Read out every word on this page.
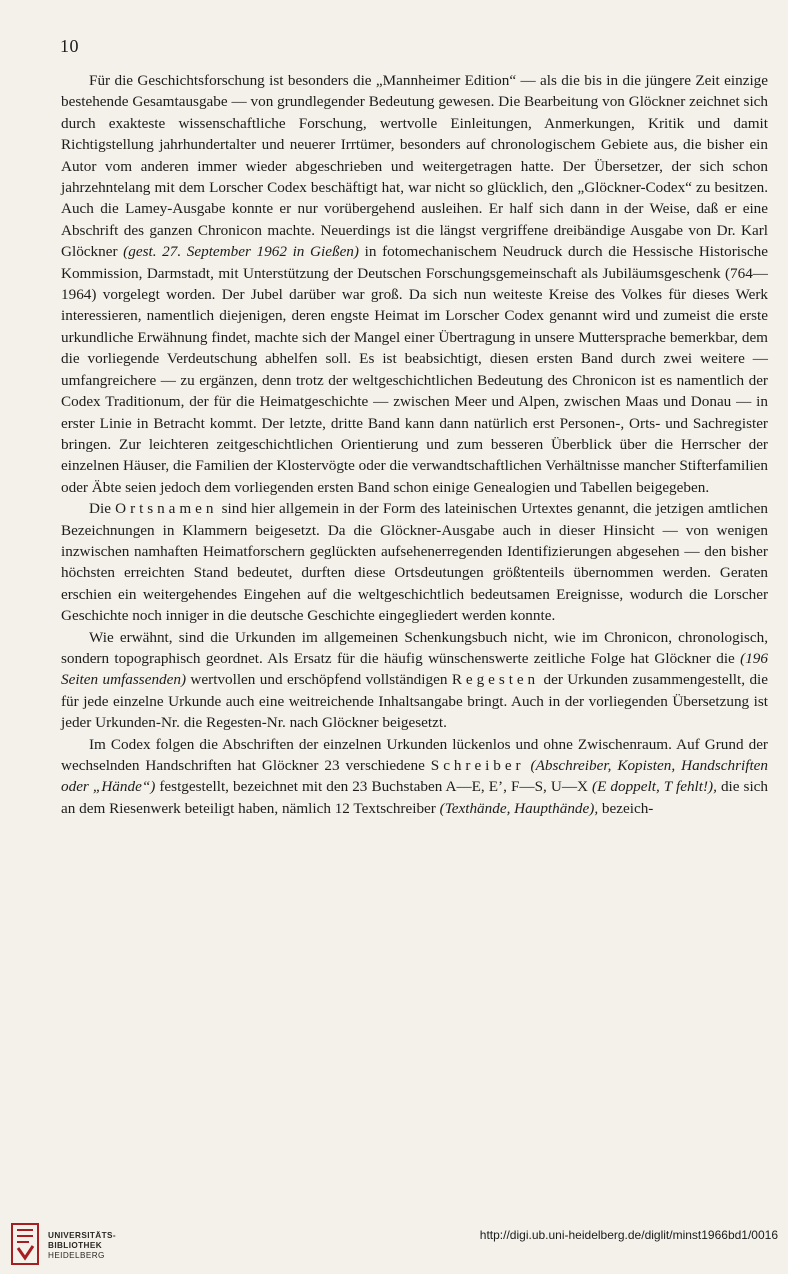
10

Für die Geschichtsforschung ist besonders die „Mannheimer Edition“ — als die bis in die jüngere Zeit einzige bestehende Gesamtausgabe — von grundlegender Bedeutung gewesen. Die Bearbeitung von Glöckner zeichnet sich durch exakteste wissenschaftliche Forschung, wertvolle Einleitungen, Anmerkungen, Kritik und damit Richtigstellung jahrhundertalter und neuerer Irrtümer, besonders auf chronologischem Gebiete aus, die bisher ein Autor vom anderen immer wieder abgeschrieben und weitergetragen hatte. Der Übersetzer, der sich schon jahrzehntelang mit dem Lorscher Codex beschäftigt hat, war nicht so glücklich, den „Glöckner-Codex“ zu besitzen. Auch die Lamey-Ausgabe konnte er nur vorübergehend ausleihen. Er half sich dann in der Weise, daß er eine Abschrift des ganzen Chronicon machte. Neuerdings ist die längst vergriffene dreibändige Ausgabe von Dr. Karl Glöckner (gest. 27. September 1962 in Gießen) in fotomechanischem Neudruck durch die Hessische Historische Kommission, Darmstadt, mit Unterstützung der Deutschen Forschungsgemeinschaft als Jubiläumsgeschenk (764—1964) vorgelegt worden. Der Jubel darüber war groß. Da sich nun weiteste Kreise des Volkes für dieses Werk interessieren, namentlich diejenigen, deren engste Heimat im Lorscher Codex genannt wird und zumeist die erste urkundliche Erwähnung findet, machte sich der Mangel einer Übertragung in unsere Muttersprache bemerkbar, dem die vorliegende Verdeutschung abhelfen soll. Es ist beabsichtigt, diesen ersten Band durch zwei weitere — umfangreichere — zu ergänzen, denn trotz der weltgeschichtlichen Bedeutung des Chronicon ist es namentlich der Codex Traditionum, der für die Heimatgeschichte — zwischen Meer und Alpen, zwischen Maas und Donau — in erster Linie in Betracht kommt. Der letzte, dritte Band kann dann natürlich erst Personen-, Orts- und Sachregister bringen. Zur leichteren zeitgeschichtlichen Orientierung und zum besseren Überblick über die Herrscher der einzelnen Häuser, die Familien der Klostervögte oder die verwandtschaftlichen Verhältnisse mancher Stifterfamilien oder Äbte seien jedoch dem vorliegenden ersten Band schon einige Genealogien und Tabellen beigegeben.

Die Ortsnamen sind hier allgemein in der Form des lateinischen Urtextes genannt, die jetzigen amtlichen Bezeichnungen in Klammern beigesetzt. Da die Glöckner-Ausgabe auch in dieser Hinsicht — von wenigen inzwischen namhaften Heimatforschern geglückten aufsehenerregenden Identifizierungen abgesehen — den bisher höchsten erreichten Stand bedeutet, durften diese Ortsdeutungen größtenteils übernommen werden. Geraten erschien ein weitergehendes Eingehen auf die weltgeschichtlich bedeutsamen Ereignisse, wodurch die Lorscher Geschichte noch inniger in die deutsche Geschichte eingegliedert werden konnte.

Wie erwähnt, sind die Urkunden im allgemeinen Schenkungsbuch nicht, wie im Chronicon, chronologisch, sondern topographisch geordnet. Als Ersatz für die häufig wünschenswerte zeitliche Folge hat Glöckner die (196 Seiten umfassenden) wertvollen und erschöpfend vollständigen Regesten der Urkunden zusammengestellt, die für jede einzelne Urkunde auch eine weitreichende Inhaltsangabe bringt. Auch in der vorliegenden Übersetzung ist jeder Urkunden-Nr. die Regesten-Nr. nach Glöckner beigesetzt.

Im Codex folgen die Abschriften der einzelnen Urkunden lückenlos und ohne Zwischenraum. Auf Grund der wechselnden Handschriften hat Glöckner 23 verschiedene Schreiber (Abschreiber, Kopisten, Handschriften oder „Hände“) festgestellt, bezeichnet mit den 23 Buchstaben A—E, E’, F—S, U—X (E doppelt, T fehlt!), die sich an dem Riesenwerk beteiligt haben, nämlich 12 Textschreiber (Texthände, Haupthände), bezeich-

UNIVERSITÄTS-
BIBLIOTHEK
HEIDELBERG
http://digi.ub.uni-heidelberg.de/diglit/minst1966bd1/0016
